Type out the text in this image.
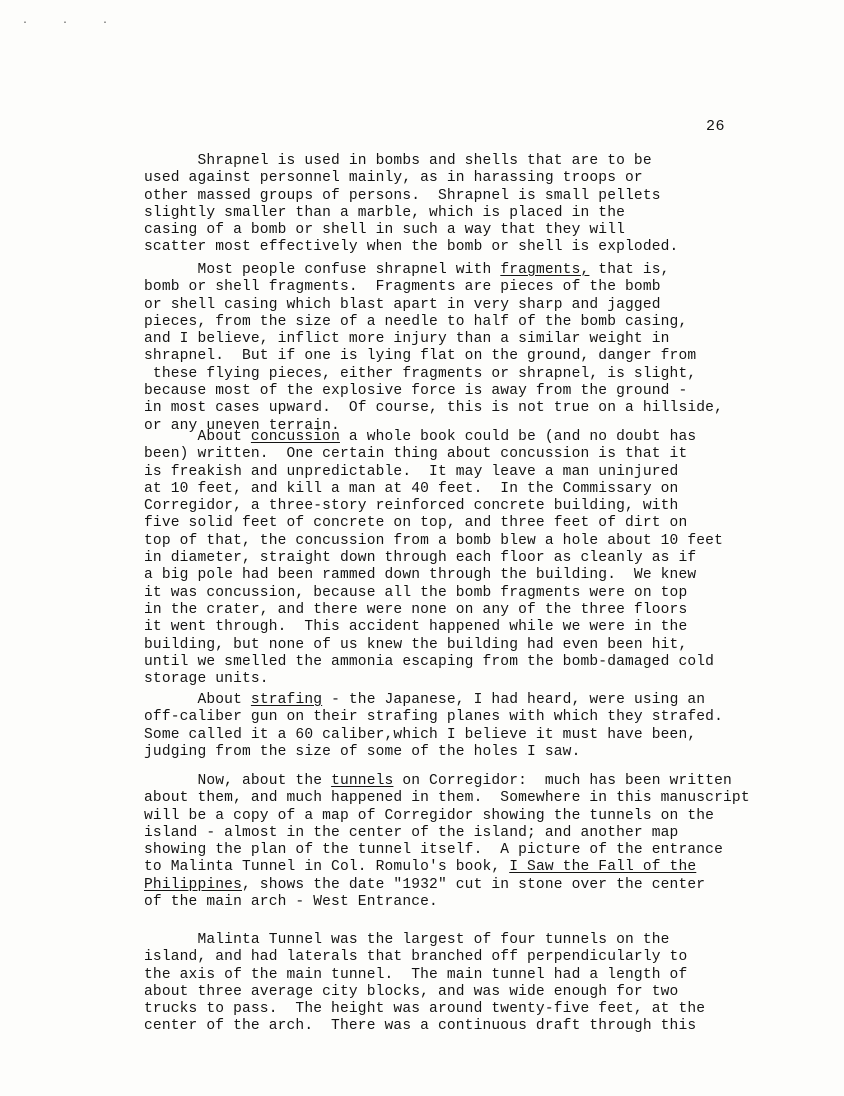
· · ·
26
Shrapnel is used in bombs and shells that are to be
used against personnel mainly, as in harassing troops or
other massed groups of persons.  Shrapnel is small pellets
slightly smaller than a marble, which is placed in the
casing of a bomb or shell in such a way that they will
scatter most effectively when the bomb or shell is exploded.
Most people confuse shrapnel with fragments, that is,
bomb or shell fragments.  Fragments are pieces of the bomb
or shell casing which blast apart in very sharp and jagged
pieces, from the size of a needle to half of the bomb casing,
and I believe, inflict more injury than a similar weight in
shrapnel.  But if one is lying flat on the ground, danger from
these flying pieces, either fragments or shrapnel, is slight,
because most of the explosive force is away from the ground -
in most cases upward.  Of course, this is not true on a hillside,
or any uneven terrain.
About concussion a whole book could be (and no doubt has
been) written.  One certain thing about concussion is that it
is freakish and unpredictable.  It may leave a man uninjured
at 10 feet, and kill a man at 40 feet.  In the Commissary on
Corregidor, a three-story reinforced concrete building, with
five solid feet of concrete on top, and three feet of dirt on
top of that, the concussion from a bomb blew a hole about 10 feet
in diameter, straight down through each floor as cleanly as if
a big pole had been rammed down through the building.  We knew
it was concussion, because all the bomb fragments were on top
in the crater, and there were none on any of the three floors
it went through.  This accident happened while we were in the
building, but none of us knew the building had even been hit,
until we smelled the ammonia escaping from the bomb-damaged cold
storage units.
About strafing - the Japanese, I had heard, were using an
off-caliber gun on their strafing planes with which they strafed.
Some called it a 60 caliber,which I believe it must have been,
judging from the size of some of the holes I saw.
Now, about the tunnels on Corregidor:  much has been written
about them, and much happened in them.  Somewhere in this manuscript
will be a copy of a map of Corregidor showing the tunnels on the
island - almost in the center of the island; and another map
showing the plan of the tunnel itself.  A picture of the entrance
to Malinta Tunnel in Col. Romulo's book, I Saw the Fall of the
Philippines, shows the date "1932" cut in stone over the center
of the main arch - West Entrance.
Malinta Tunnel was the largest of four tunnels on the
island, and had laterals that branched off perpendicularly to
the axis of the main tunnel.  The main tunnel had a length of
about three average city blocks, and was wide enough for two
trucks to pass.  The height was around twenty-five feet, at the
center of the arch.  There was a continuous draft through this
